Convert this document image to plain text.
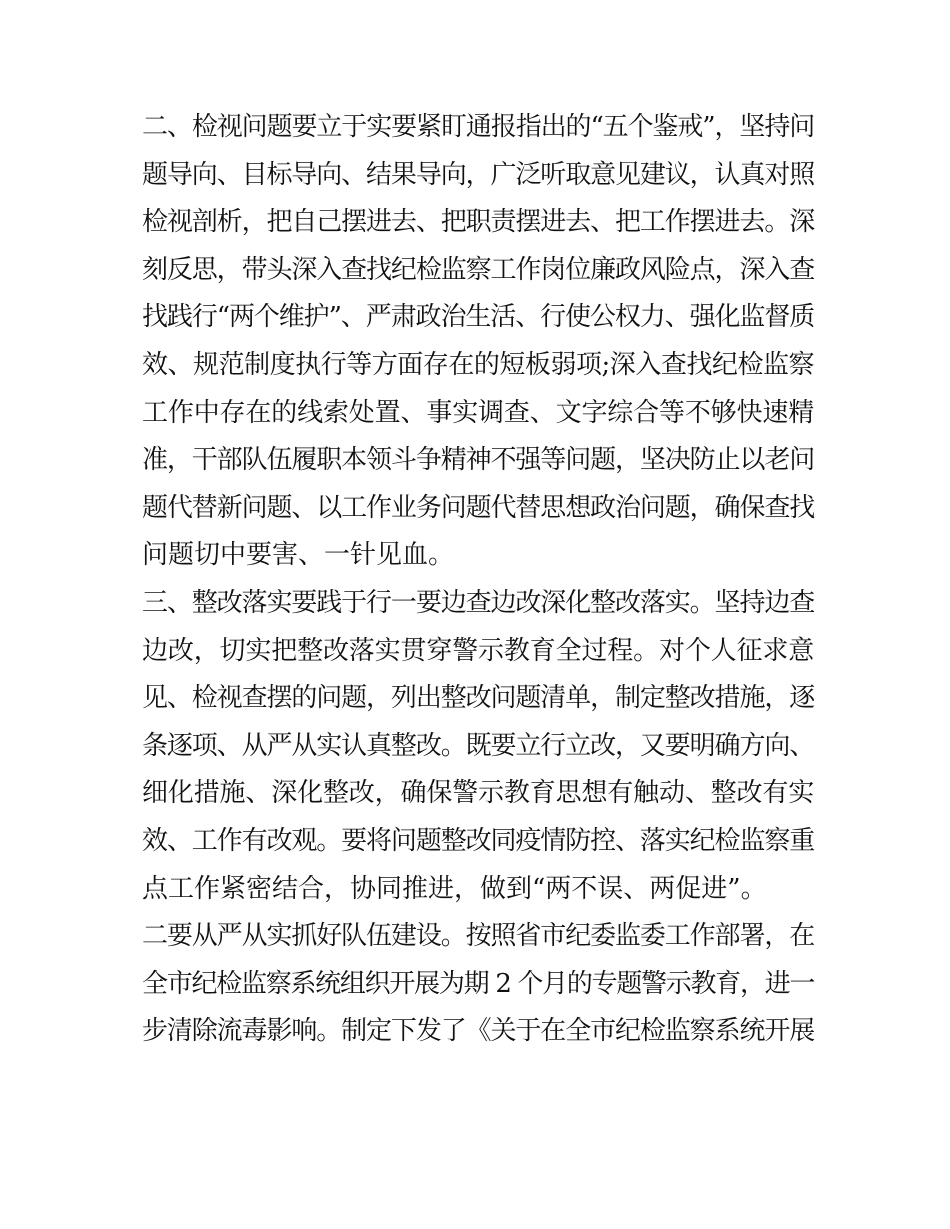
二、检视问题要立于实要紧盯通报指出的“五个鉴戒”，坚持问
题导向、目标导向、结果导向，广泛听取意见建议，认真对照
检视剖析，把自己摆进去、把职责摆进去、把工作摆进去。深
刻反思，带头深入查找纪检监察工作岗位廉政风险点，深入查
找践行“两个维护”、严肃政治生活、行使公权力、强化监督质
效、规范制度执行等方面存在的短板弱项;深入查找纪检监察
工作中存在的线索处置、事实调查、文字综合等不够快速精
准，干部队伍履职本领斗争精神不强等问题，坚决防止以老问
题代替新问题、以工作业务问题代替思想政治问题，确保查找
问题切中要害、一针见血。
三、整改落实要践于行一要边查边改深化整改落实。坚持边查
边改，切实把整改落实贯穿警示教育全过程。对个人征求意
见、检视查摆的问题，列出整改问题清单，制定整改措施，逐
条逐项、从严从实认真整改。既要立行立改，又要明确方向、
细化措施、深化整改，确保警示教育思想有触动、整改有实
效、工作有改观。要将问题整改同疫情防控、落实纪检监察重
点工作紧密结合，协同推进，做到“两不误、两促进”。
二要从严从实抓好队伍建设。按照省市纪委监委工作部署，在
全市纪检监察系统组织开展为期 2 个月的专题警示教育，进一
步清除流毒影响。制定下发了《关于在全市纪检监察系统开展
